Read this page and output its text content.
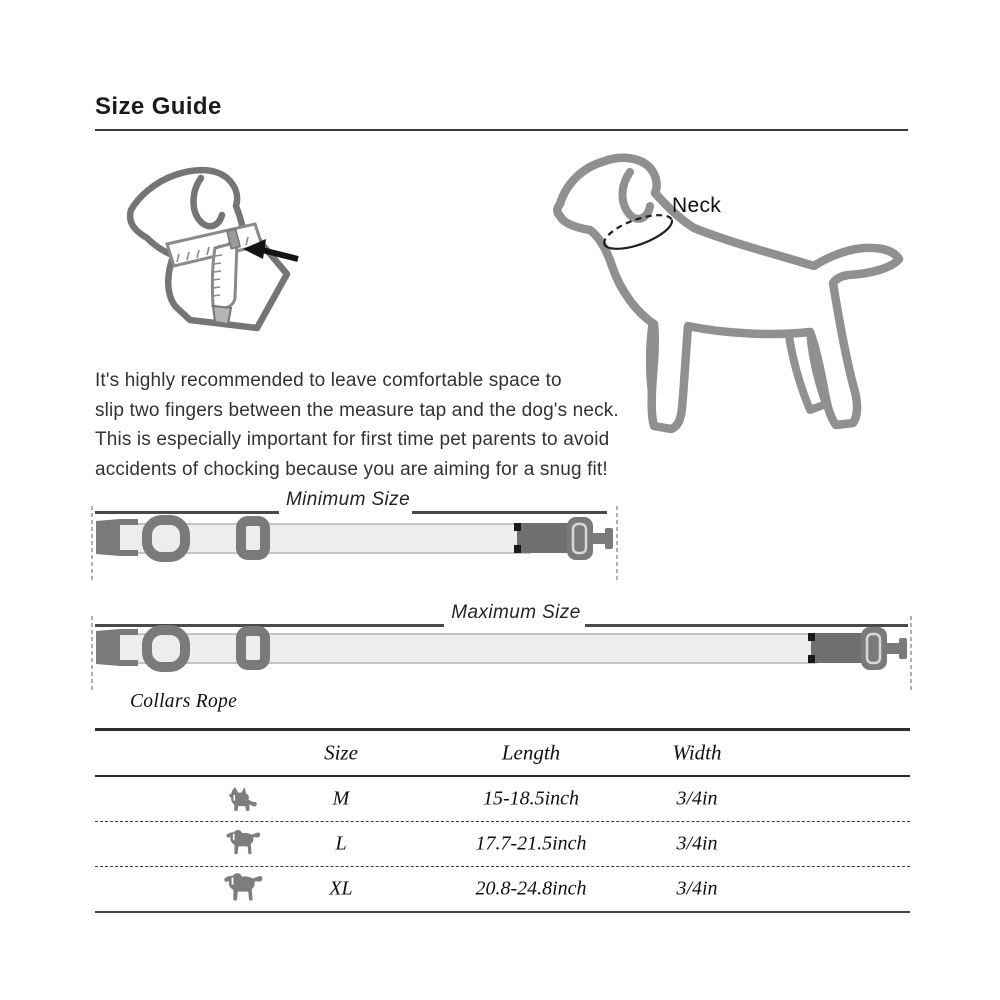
Size Guide
Neck
It's highly recommended to leave comfortable space to
slip two fingers between the measure tap and the dog's neck.
This is especially important for first time pet parents to avoid
accidents of chocking because you are aiming for a snug fit!
Minimum Size
Maximum Size
Collars Rope
Size	Length	Width
M	15-18.5inch	3/4in
L	17.7-21.5inch	3/4in
XL	20.8-24.8inch	3/4in
